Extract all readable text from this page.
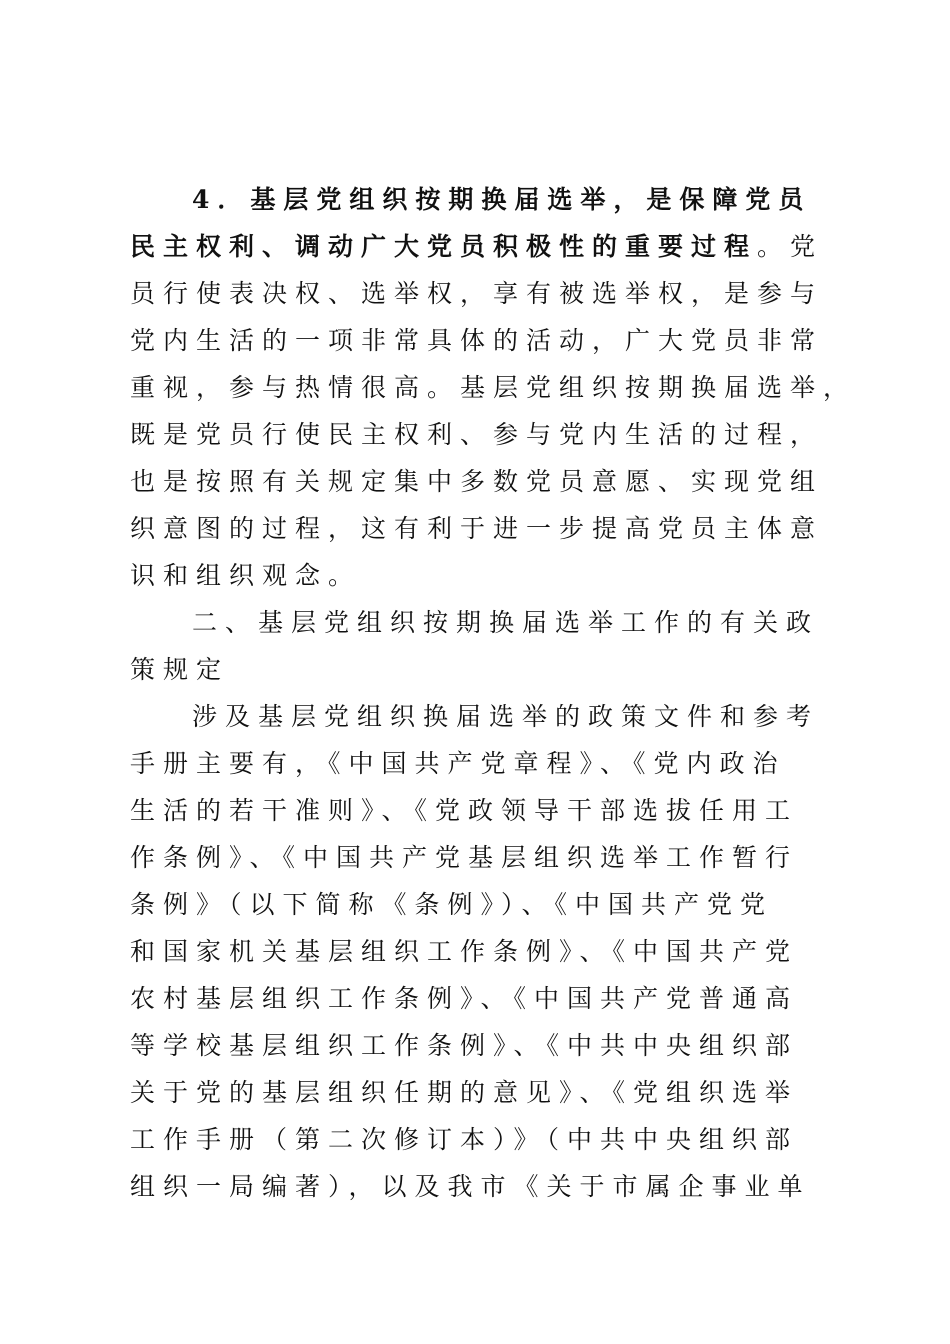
4．基层党组织按期换届选举，是保障党员
民主权利、调动广大党员积极性的重要过程。党
员行使表决权、选举权，享有被选举权，是参与
党内生活的一项非常具体的活动，广大党员非常
重视，参与热情很高。基层党组织按期换届选举，
既是党员行使民主权利、参与党内生活的过程，
也是按照有关规定集中多数党员意愿、实现党组
织意图的过程，这有利于进一步提高党员主体意
识和组织观念。
二、基层党组织按期换届选举工作的有关政
策规定
涉及基层党组织换届选举的政策文件和参考
手册主要有，《中国共产党章程》、《党内政治
生活的若干准则》、《党政领导干部选拔任用工
作条例》、《中国共产党基层组织选举工作暂行
条例》（以下简称《条例》）、《中国共产党党
和国家机关基层组织工作条例》、《中国共产党
农村基层组织工作条例》、《中国共产党普通高
等学校基层组织工作条例》、《中共中央组织部
关于党的基层组织任期的意见》、《党组织选举
工作手册（第二次修订本）》（中共中央组织部
组织一局编著），以及我市《关于市属企事业单
